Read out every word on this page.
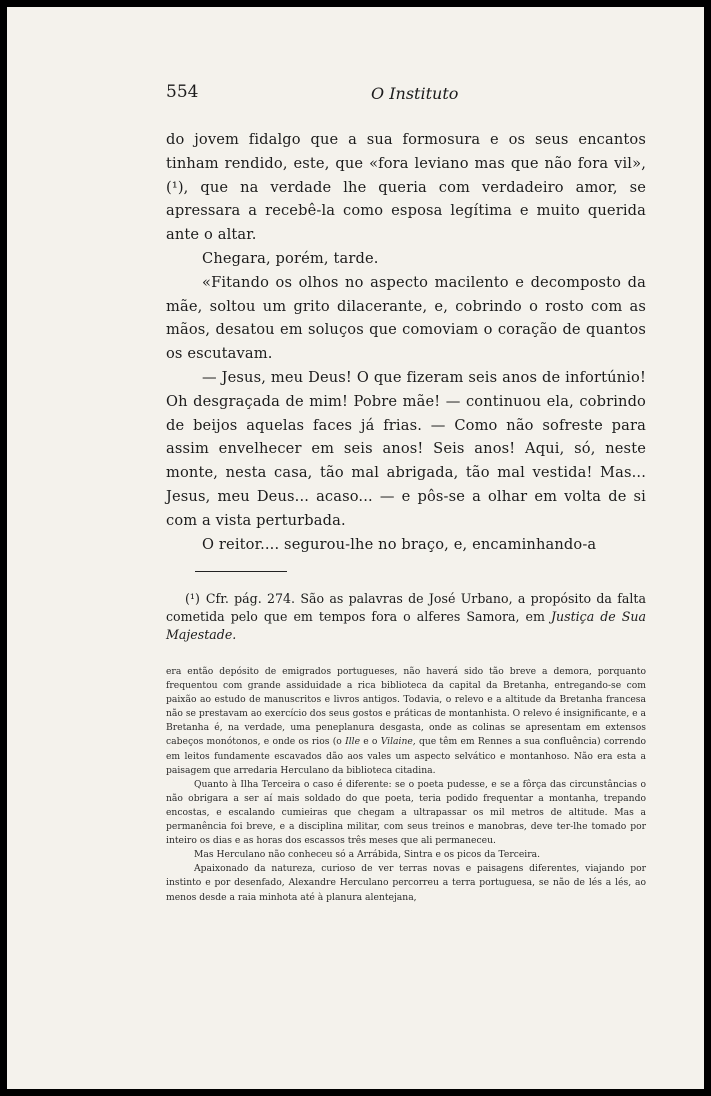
554	O Instituto

do jovem fidalgo que a sua formosura e os seus encantos tinham rendido, este, que «fora leviano mas que não fora vil», (¹), que na verdade lhe queria com verdadeiro amor, se apressara a recebê-la como esposa legítima e muito querida ante o altar.

Chegara, porém, tarde.

«Fitando os olhos no aspecto macilento e decomposto da mãe, soltou um grito dilacerante, e, cobrindo o rosto com as mãos, desatou em soluços que comoviam o coração de quantos os escutavam.

— Jesus, meu Deus! O que fizeram seis anos de infortúnio! Oh desgraçada de mim! Pobre mãe! — continuou ela, cobrindo de beijos aquelas faces já frias. — Como não sofreste para assim envelhecer em seis anos! Seis anos! Aqui, só, neste monte, nesta casa, tão mal abrigada, tão mal vestida! Mas... Jesus, meu Deus... acaso... — e pôs-se a olhar em volta de si com a vista perturbada.

O reitor.... segurou-lhe no braço, e, encaminhando-a

(¹) Cfr. pág. 274. São as palavras de José Urbano, a propósito da falta cometida pelo que em tempos fora o alferes Samora, em Justiça de Sua Majestade.

era então depósito de emigrados portugueses, não haverá sido tão breve a demora, porquanto frequentou com grande assiduidade a rica biblioteca da capital da Bretanha, entregando-se com paixão ao estudo de manuscritos e livros antigos. Todavia, o relevo e a altitude da Bretanha francesa não se prestavam ao exercício dos seus gostos e práticas de montanhista. O relevo é insignificante, e a Bretanha é, na verdade, uma peneplanura desgasta, onde as colinas se apresentam em extensos cabeços monótonos, e onde os rios (o Ille e o Vilaine, que têm em Rennes a sua confluência) correndo em leitos fundamente escavados dão aos vales um aspecto selvático e montanhoso. Não era esta a paisagem que arredaria Herculano da biblioteca citadina.

Quanto à Ilha Terceira o caso é diferente: se o poeta pudesse, e se a fôrça das circunstâncias o não obrigara a ser aí mais soldado do que poeta, teria podido frequentar a montanha, trepando encostas, e escalando cumieiras que chegam a ultrapassar os mil metros de altitude. Mas a permanência foi breve, e a disciplina militar, com seus treinos e manobras, deve ter-lhe tomado por inteiro os dias e as horas dos escassos três meses que ali permaneceu.

Mas Herculano não conheceu só a Arrábida, Sintra e os picos da Terceira.

Apaixonado da natureza, curioso de ver terras novas e paisagens diferentes, viajando por instinto e por desenfado, Alexandre Herculano percorreu a terra portuguesa, se não de lés a lés, ao menos desde a raia minhota até à planura alentejana,
